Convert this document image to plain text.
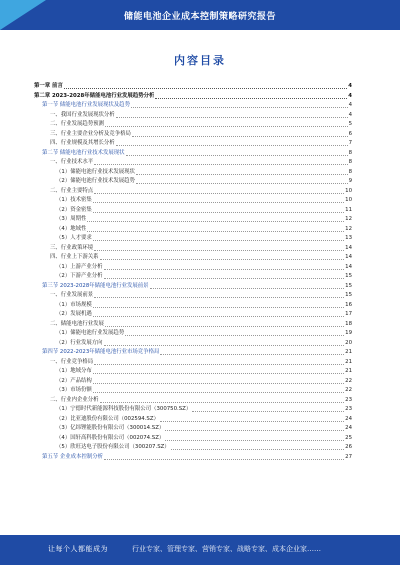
储能电池企业成本控制策略研究报告
内容目录
第一章 前言	4
第二章 2023-2028年储能电池行业发展趋势分析	4
第一节 储能电池行业发展现状及趋势	4
一、我国行业发展现状分析	4
二、行业发展趋势预测	5
三、行业主要企业分析及竞争格局	6
四、行业规模及其增长分析	7
第二节 储能电池行业技术发展现状	8
一、行业技术水平	8
（1）储能电池行业技术发展现状	8
（2）储能电池行业技术发展趋势	9
二、行业主要特点	10
（1）技术密集	10
（2）资金密集	11
（3）周期性	12
（4）地域性	12
（5）人才要求	13
三、行业政策环境	14
四、行业上下游关系	14
（1）上游产业分析	14
（2）下游产业分析	15
第三节 2023-2028年储能电池行业发展前景	15
一、行业发展前景	15
（1）市场规模	16
（2）发展机遇	17
二、储能电池行业发展	18
（1）储能电池行业发展趋势	19
（2）行业发展方向	20
第四节 2022-2023年储能电池行业市场竞争格局	21
一、行业竞争格局	21
（1）地域分布	21
（2）产品结构	22
（3）市场份额	22
二、行业内企业分析	23
（1）宁德时代新能源科技股份有限公司（300750.SZ）	23
（2）比亚迪股份有限公司（002594.SZ）	24
（3）亿纬锂能股份有限公司（300014.SZ）	24
（4）国轩高科股份有限公司（002074.SZ）	25
（5）欣旺达电子股份有限公司（300207.SZ）	26
第五节 企业成本控制分析	27
让每个人都能成为	行业专家、管理专家、营销专家、战略专家、成本企业家……
